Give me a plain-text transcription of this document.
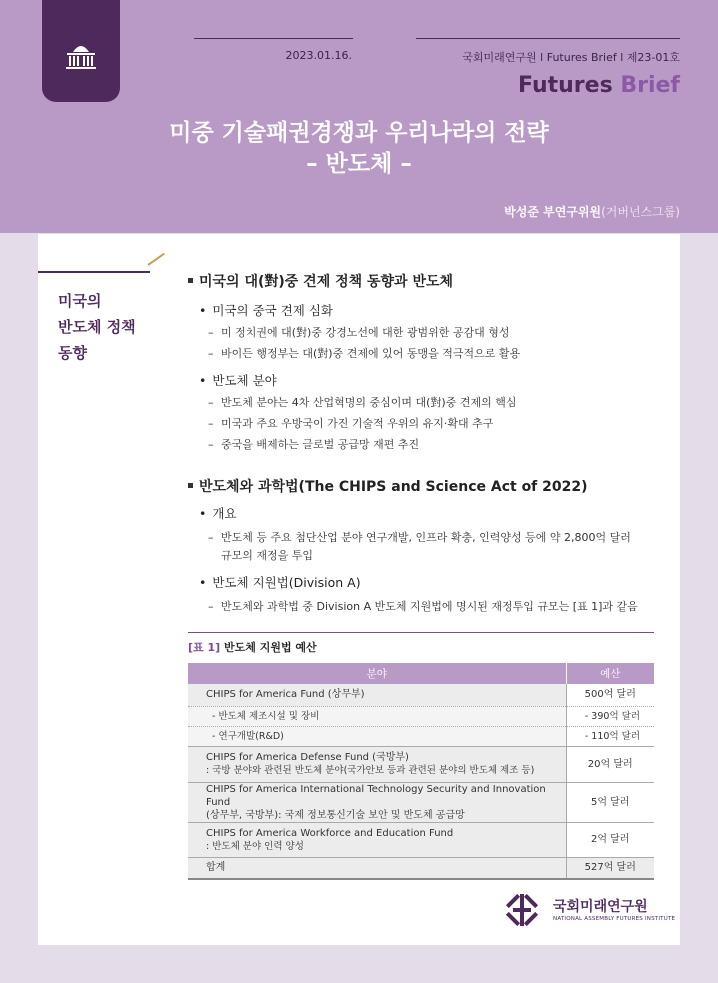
2023.01.16.	국회미래연구원 l Futures Brief l 제23-01호
Futures Brief
미중 기술패권경쟁과 우리나라의 전략
– 반도체 –
박성준 부연구위원(거버넌스그룹)
미국의
반도체 정책
동향
미국의 대(對)중 견제 정책 동향과 반도체
• 미국의 중국 견제 심화
– 미 정치권에 대(對)중 강경노선에 대한 광범위한 공감대 형성
– 바이든 행정부는 대(對)중 견제에 있어 동맹을 적극적으로 활용
• 반도체 분야
– 반도체 분야는 4차 산업혁명의 중심이며 대(對)중 견제의 핵심
– 미국과 주요 우방국이 가진 기술적 우위의 유지·확대 추구
– 중국을 배제하는 글로벌 공급망 재편 추진
반도체와 과학법(The CHIPS and Science Act of 2022)
• 개요
– 반도체 등 주요 첨단산업 분야 연구개발, 인프라 확충, 인력양성 등에 약 2,800억 달러
규모의 재정을 투입
• 반도체 지원법(Division A)
– 반도체와 과학법 중 Division A 반도체 지원법에 명시된 재정투입 규모는 [표 1]과 같음
[표 1] 반도체 지원법 예산
분야	예산
CHIPS for America Fund (상무부)	500억 달러
- 반도체 제조시설 및 장비	- 390억 달러
- 연구개발(R&D)	- 110억 달러

CHIPS for America Defense Fund (국방부)
: 국방 분야와 관련된 반도체 분야(국가안보 등과 관련된 분야의 반도체 제조 등)	20억 달러

CHIPS for America International Technology Security and Innovation Fund
(상무부, 국방부): 국제 정보통신기술 보안 및 반도체 공급망	5억 달러

CHIPS for America Workforce and Education Fund
: 반도체 분야 인력 양성	2억 달러
합계	527억 달러
국회미래연구원
NATIONAL ASSEMBLY FUTURES INSTITUTE
